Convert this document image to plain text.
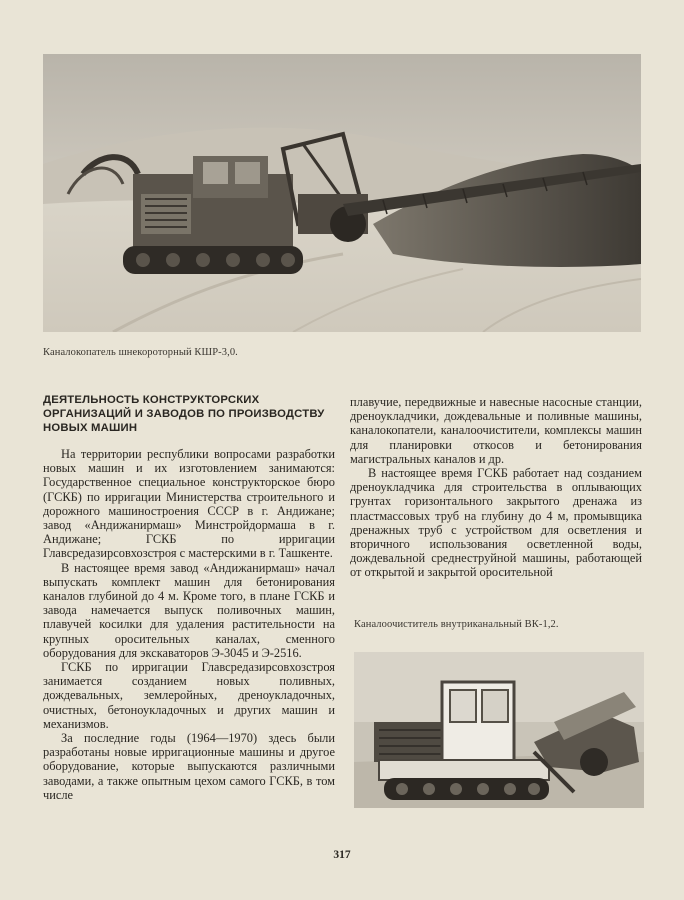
Каналокопатель шнекороторный КШР-3,0.
ДЕЯТЕЛЬНОСТЬ КОНСТРУКТОРСКИХ ОРГАНИЗАЦИЙ И ЗАВОДОВ ПО ПРОИЗВОДСТВУ НОВЫХ МАШИН

На территории республики вопросами разработки новых машин и их изготовлением занимаются: Государственное специальное конструкторское бюро (ГСКБ) по ирригации Министерства строительного и дорожного машиностроения СССР в г. Андижане; завод «Андижанирмаш» Минстройдормаша в г. Андижане; ГСКБ по ирригации Главсредазирсовхозстроя с мастерскими в г. Ташкенте.

В настоящее время завод «Андижанирмаш» начал выпускать комплект машин для бетонирования каналов глубиной до 4 м. Кроме того, в плане ГСКБ и завода намечается выпуск поливочных машин, плавучей косилки для удаления растительности на крупных оросительных каналах, сменного оборудования для экскаваторов Э-3045 и Э-2516.

ГСКБ по ирригации Главсредазирсовхозстроя занимается созданием новых поливных, дождевальных, землеройных, дреноукладочных, очистных, бетоноукладочных и других машин и механизмов.

За последние годы (1964—1970) здесь были разработаны новые ирригационные машины и другое оборудование, которые выпускаются различными заводами, а также опытным цехом самого ГСКБ, в том числе

плавучие, передвижные и навесные насосные станции, дреноукладчики, дождевальные и поливные машины, каналокопатели, каналоочистители, комплексы машин для планировки откосов и бетонирования магистральных каналов и др.

В настоящее время ГСКБ работает над созданием дреноукладчика для строительства в оплывающих грунтах горизонтального закрытого дренажа из пластмассовых труб на глубину до 4 м, промывщика дренажных труб с устройством для осветления и вторичного использования осветленной воды, дождевальной среднеструйной машины, работающей от открытой и закрытой оросительной

Каналоочиститель внутриканальный ВК-1,2.
317
